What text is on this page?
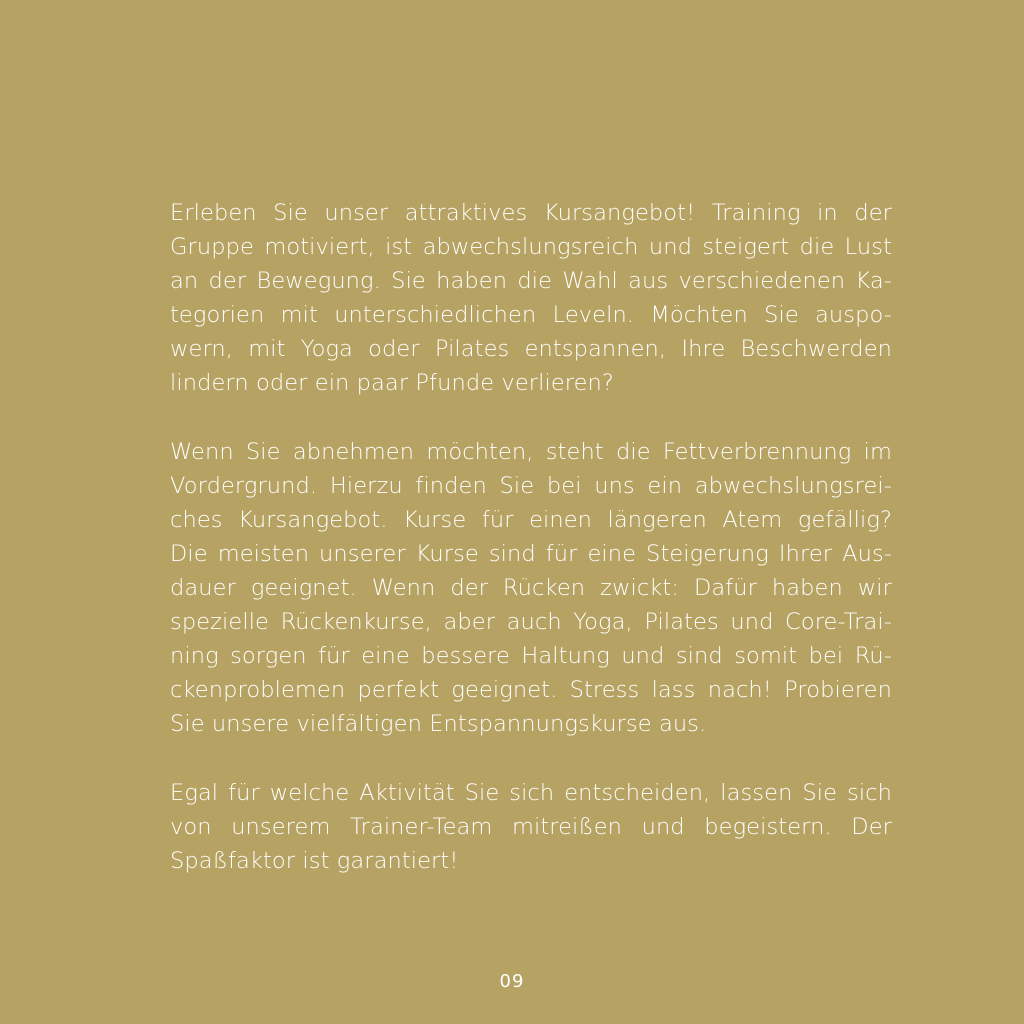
Erleben Sie unser attraktives Kursangebot! Training in der
Gruppe motiviert, ist abwechslungsreich und steigert die Lust
an der Bewegung. Sie haben die Wahl aus verschiedenen Ka-
tegorien mit unterschiedlichen Leveln. Möchten Sie auspo-
wern, mit Yoga oder Pilates entspannen, Ihre Beschwerden
lindern oder ein paar Pfunde verlieren?

Wenn Sie abnehmen möchten, steht die Fettverbrennung im
Vordergrund. Hierzu finden Sie bei uns ein abwechslungsrei-
ches Kursangebot. Kurse für einen längeren Atem gefällig?
Die meisten unserer Kurse sind für eine Steigerung Ihrer Aus-
dauer geeignet. Wenn der Rücken zwickt: Dafür haben wir
spezielle Rückenkurse, aber auch Yoga, Pilates und Core-Trai-
ning sorgen für eine bessere Haltung und sind somit bei Rü-
ckenproblemen perfekt geeignet. Stress lass nach! Probieren
Sie unsere vielfältigen Entspannungskurse aus.

Egal für welche Aktivität Sie sich entscheiden, lassen Sie sich
von unserem Trainer-Team mitreißen und begeistern. Der
Spaßfaktor ist garantiert!

09
